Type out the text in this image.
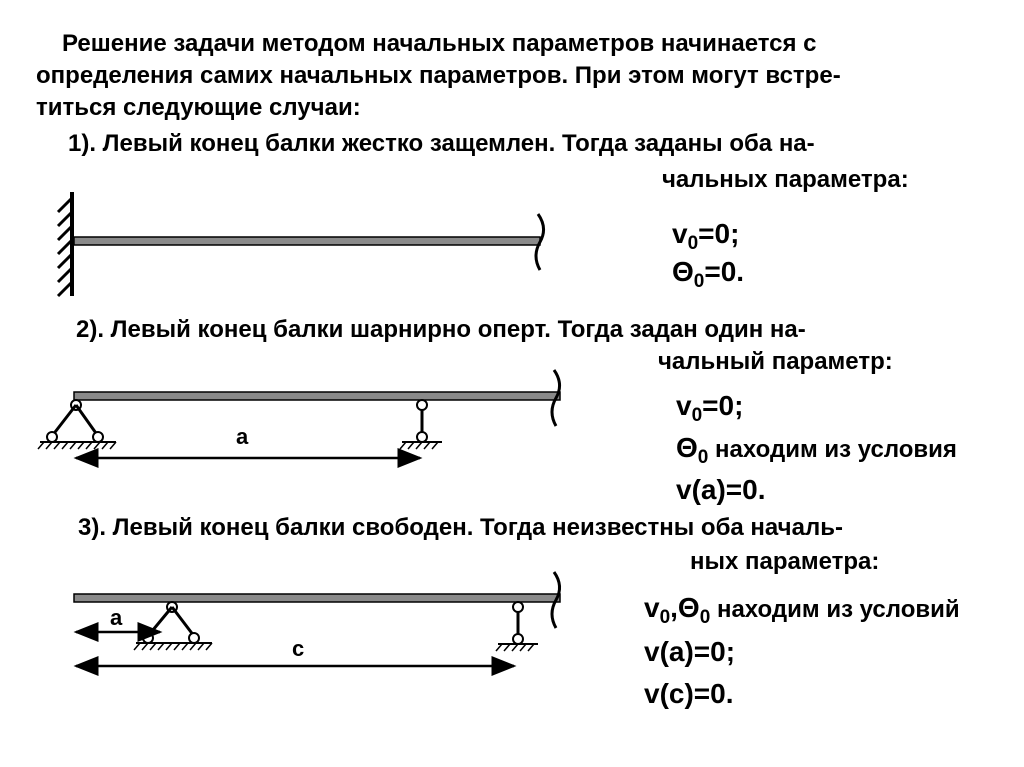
Решение задачи методом начальных параметров начинается с
определения самих начальных параметров. При этом могут встре-
титься следующие случаи:
1). Левый конец балки жестко защемлен. Тогда заданы оба на-
чальных параметра:
$v_0=0$;
$\Theta_0=0$.
2). Левый конец балки шарнирно оперт. Тогда задан один на-
чальный параметр:
$v_0=0$;
$\Theta_0$ находим из условия
v(a)=0.
3). Левый конец балки свободен. Тогда неизвестны оба началь-
ных параметра:
$v_0,\Theta_0$ находим из условий
v(a)=0;
v(c)=0.
a
a
c
